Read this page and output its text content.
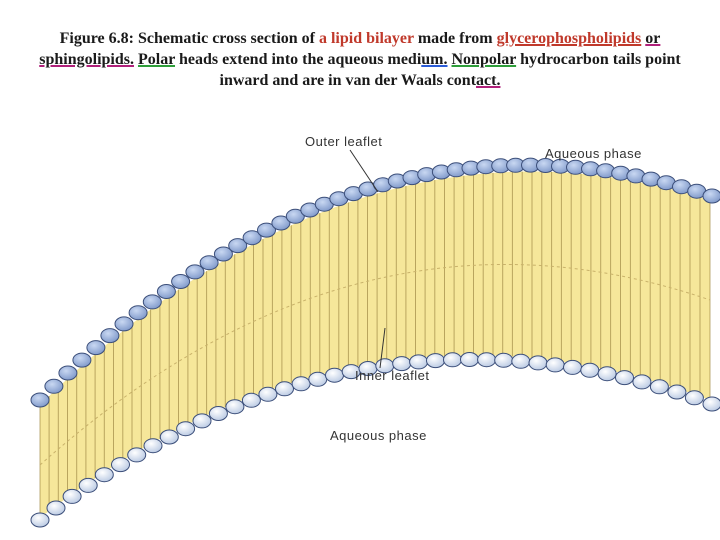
Figure 6.8: Schematic cross section of a lipid bilayer made from glycerophospholipids or sphingolipids. Polar heads extend into the aqueous medium. Nonpolar hydrocarbon tails point inward and are in van der Waals contact.
Outer leaflet
Aqueous phase
Inner leaflet
Aqueous phase
